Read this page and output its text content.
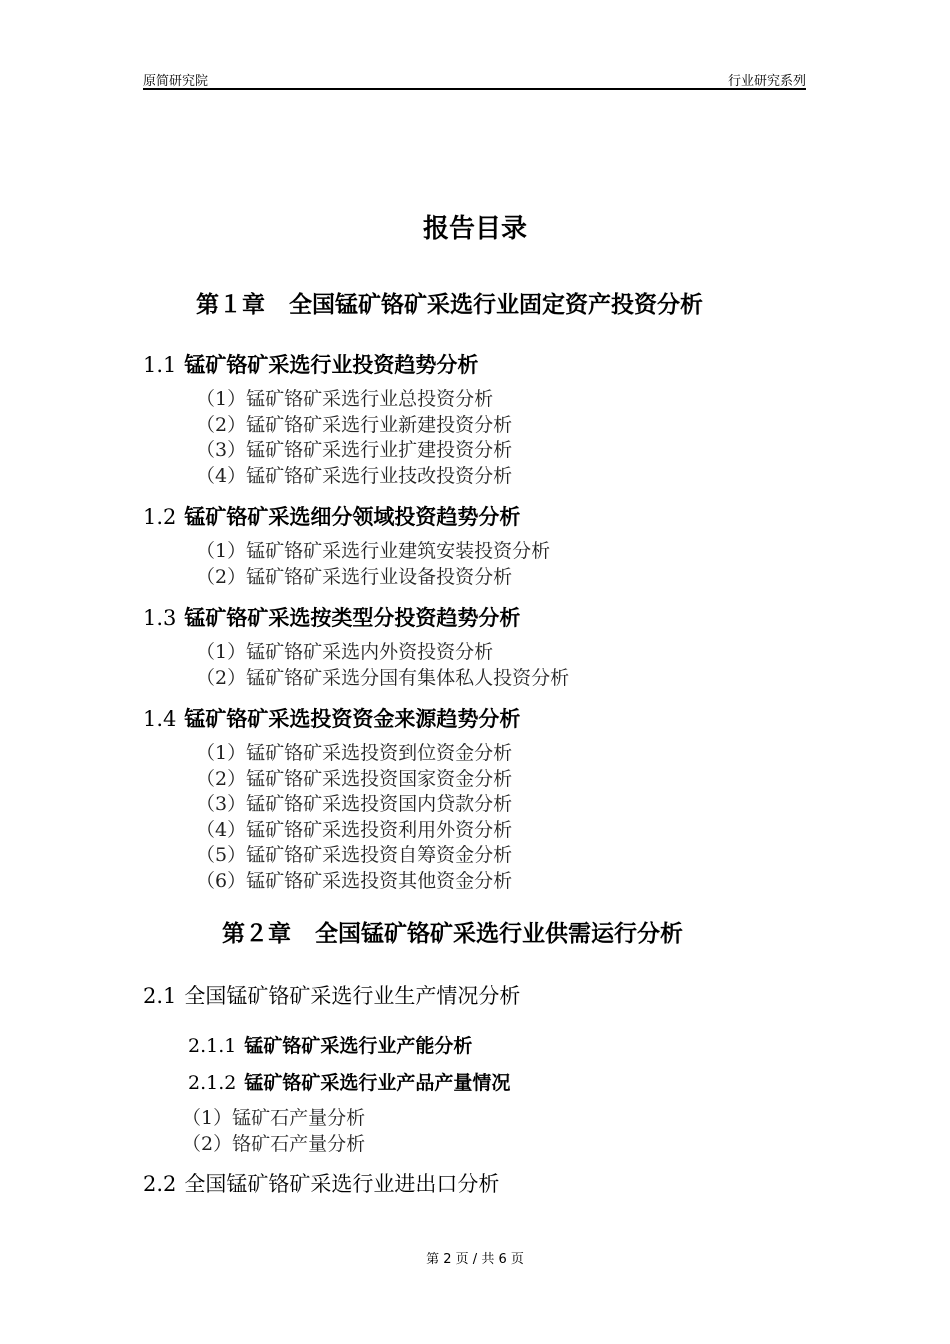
原简研究院	行业研究系列
报告目录
第１章 全国锰矿铬矿采选行业固定资产投资分析
1.1 锰矿铬矿采选行业投资趋势分析
（1）锰矿铬矿采选行业总投资分析
（2）锰矿铬矿采选行业新建投资分析
（3）锰矿铬矿采选行业扩建投资分析
（4）锰矿铬矿采选行业技改投资分析
1.2 锰矿铬矿采选细分领域投资趋势分析
（1）锰矿铬矿采选行业建筑安装投资分析
（2）锰矿铬矿采选行业设备投资分析
1.3 锰矿铬矿采选按类型分投资趋势分析
（1）锰矿铬矿采选内外资投资分析
（2）锰矿铬矿采选分国有集体私人投资分析
1.4 锰矿铬矿采选投资资金来源趋势分析
（1）锰矿铬矿采选投资到位资金分析
（2）锰矿铬矿采选投资国家资金分析
（3）锰矿铬矿采选投资国内贷款分析
（4）锰矿铬矿采选投资利用外资分析
（5）锰矿铬矿采选投资自筹资金分析
（6）锰矿铬矿采选投资其他资金分析
第２章 全国锰矿铬矿采选行业供需运行分析
2.1 全国锰矿铬矿采选行业生产情况分析
2.1.1 锰矿铬矿采选行业产能分析
2.1.2 锰矿铬矿采选行业产品产量情况
（1）锰矿石产量分析
（2）铬矿石产量分析
2.2 全国锰矿铬矿采选行业进出口分析
第 2 页 / 共 6 页
